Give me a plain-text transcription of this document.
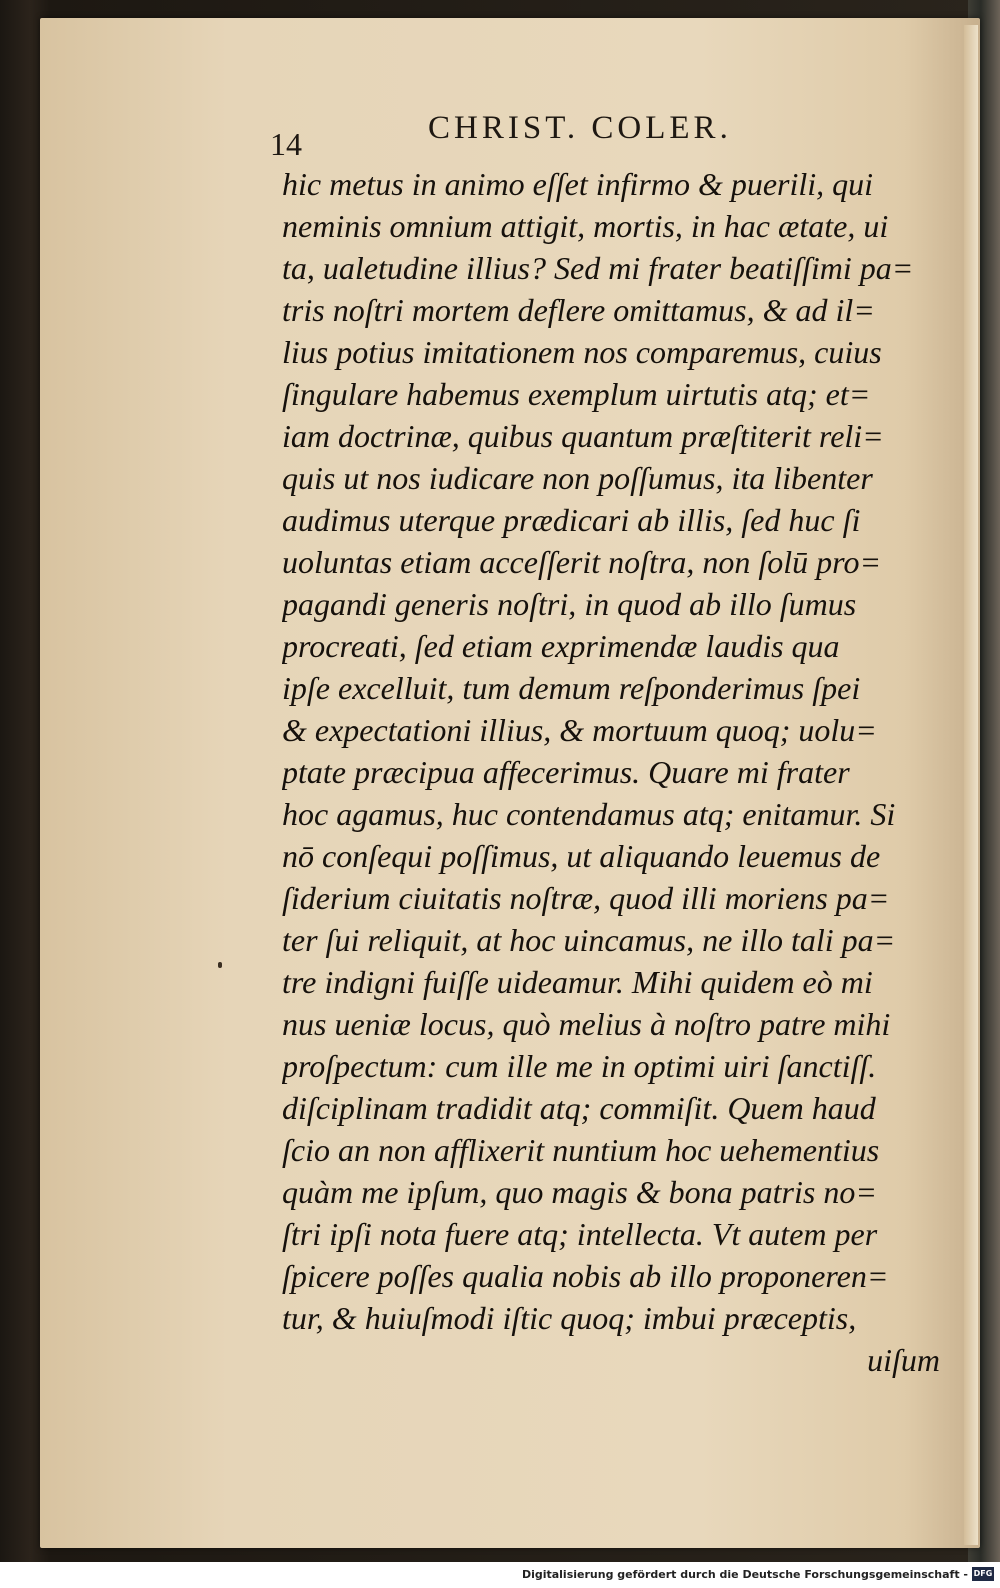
14	CHRIST. COLER.
hic metus in animo eſſet infirmo & puerili, qui
neminis omnium attigit, mortis, in hac ætate, ui
ta, ualetudine illius? Sed mi frater beatiſſimi pa=
tris noſtri mortem deflere omittamus, & ad il=
lius potius imitationem nos comparemus, cuius
ſingulare habemus exemplum uirtutis atq; et=
iam doctrinæ, quibus quantum præſtiterit reli=
quis ut nos iudicare non poſſumus, ita libenter
audimus uterque prædicari ab illis, ſed huc ſi
uoluntas etiam acceſſerit noſtra, non ſolū pro=
pagandi generis noſtri, in quod ab illo ſumus
procreati, ſed etiam exprimendæ laudis qua
ipſe excelluit, tum demum reſponderimus ſpei
& expectationi illius, & mortuum quoq; uolu=
ptate præcipua affecerimus. Quare mi frater
hoc agamus, huc contendamus atq; enitamur. Si
nō conſequi poſſimus, ut aliquando leuemus de
ſiderium ciuitatis noſtræ, quod illi moriens pa=
ter ſui reliquit, at hoc uincamus, ne illo tali pa=
tre indigni fuiſſe uideamur. Mihi quidem eò mi
nus ueniæ locus, quò melius à noſtro patre mihi
proſpectum: cum ille me in optimi uiri ſanctiſſ.
diſciplinam tradidit atq; commiſit. Quem haud
ſcio an non afflixerit nuntium hoc uehementius
quàm me ipſum, quo magis & bona patris no=
ſtri ipſi nota fuere atq; intellecta. Vt autem per
ſpicere poſſes qualia nobis ab illo proponeren=
tur, & huiuſmodi iſtic quoq; imbui præceptis,
uiſum
Digitalisierung gefördert durch die Deutsche Forschungsgemeinschaft - DFG
